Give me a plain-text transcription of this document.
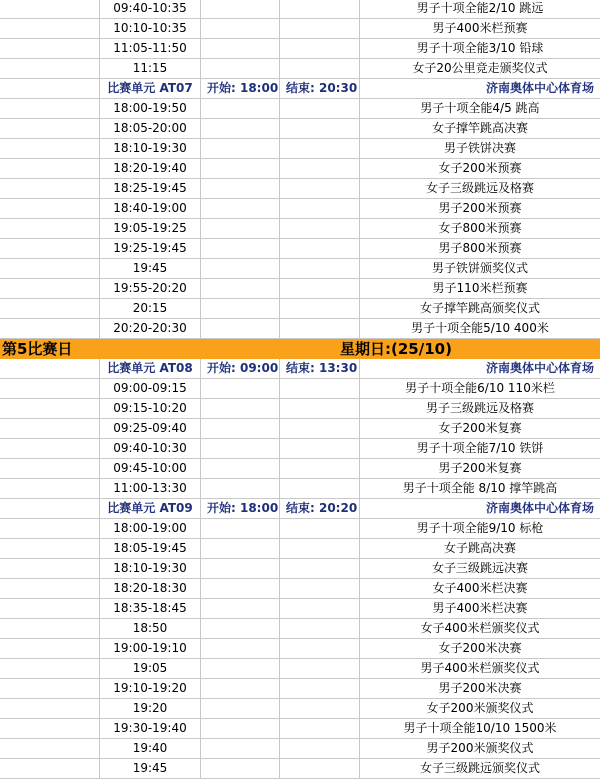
09:40-10:35	男子十项全能2/10 跳远
10:10-10:35	男子400米栏预赛
11:05-11:50	男子十项全能3/10 铅球
11:15	女子20公里竞走颁奖仪式
比赛单元 AT07	开始: 18:00 结束: 20:30	济南奥体中心体育场
18:00-19:50	男子十项全能4/5 跳高
18:05-20:00	女子撑竿跳高决赛
18:10-19:30	男子铁饼决赛
18:20-19:40	女子200米预赛
18:25-19:45	女子三级跳远及格赛
18:40-19:00	男子200米预赛
19:05-19:25	女子800米预赛
19:25-19:45	男子800米预赛
19:45	男子铁饼颁奖仪式
19:55-20:20	男子110米栏预赛
20:15	女子撑竿跳高颁奖仪式
20:20-20:30	男子十项全能5/10 400米
第5比赛日	星期日:(25/10)
比赛单元 AT08	开始: 09:00 结束: 13:30	济南奥体中心体育场
09:00-09:15	男子十项全能6/10 110米栏
09:15-10:20	男子三级跳远及格赛
09:25-09:40	女子200米复赛
09:40-10:30	男子十项全能7/10 铁饼
09:45-10:00	男子200米复赛
11:00-13:30	男子十项全能 8/10 撑竿跳高
比赛单元 AT09	开始: 18:00 结束: 20:20	济南奥体中心体育场
18:00-19:00	男子十项全能9/10 标枪
18:05-19:45	女子跳高决赛
18:10-19:30	女子三级跳远决赛
18:20-18:30	女子400米栏决赛
18:35-18:45	男子400米栏决赛
18:50	女子400米栏颁奖仪式
19:00-19:10	女子200米决赛
19:05	男子400米栏颁奖仪式
19:10-19:20	男子200米决赛
19:20	女子200米颁奖仪式
19:30-19:40	男子十项全能10/10 1500米
19:40	男子200米颁奖仪式
19:45	女子三级跳远颁奖仪式
